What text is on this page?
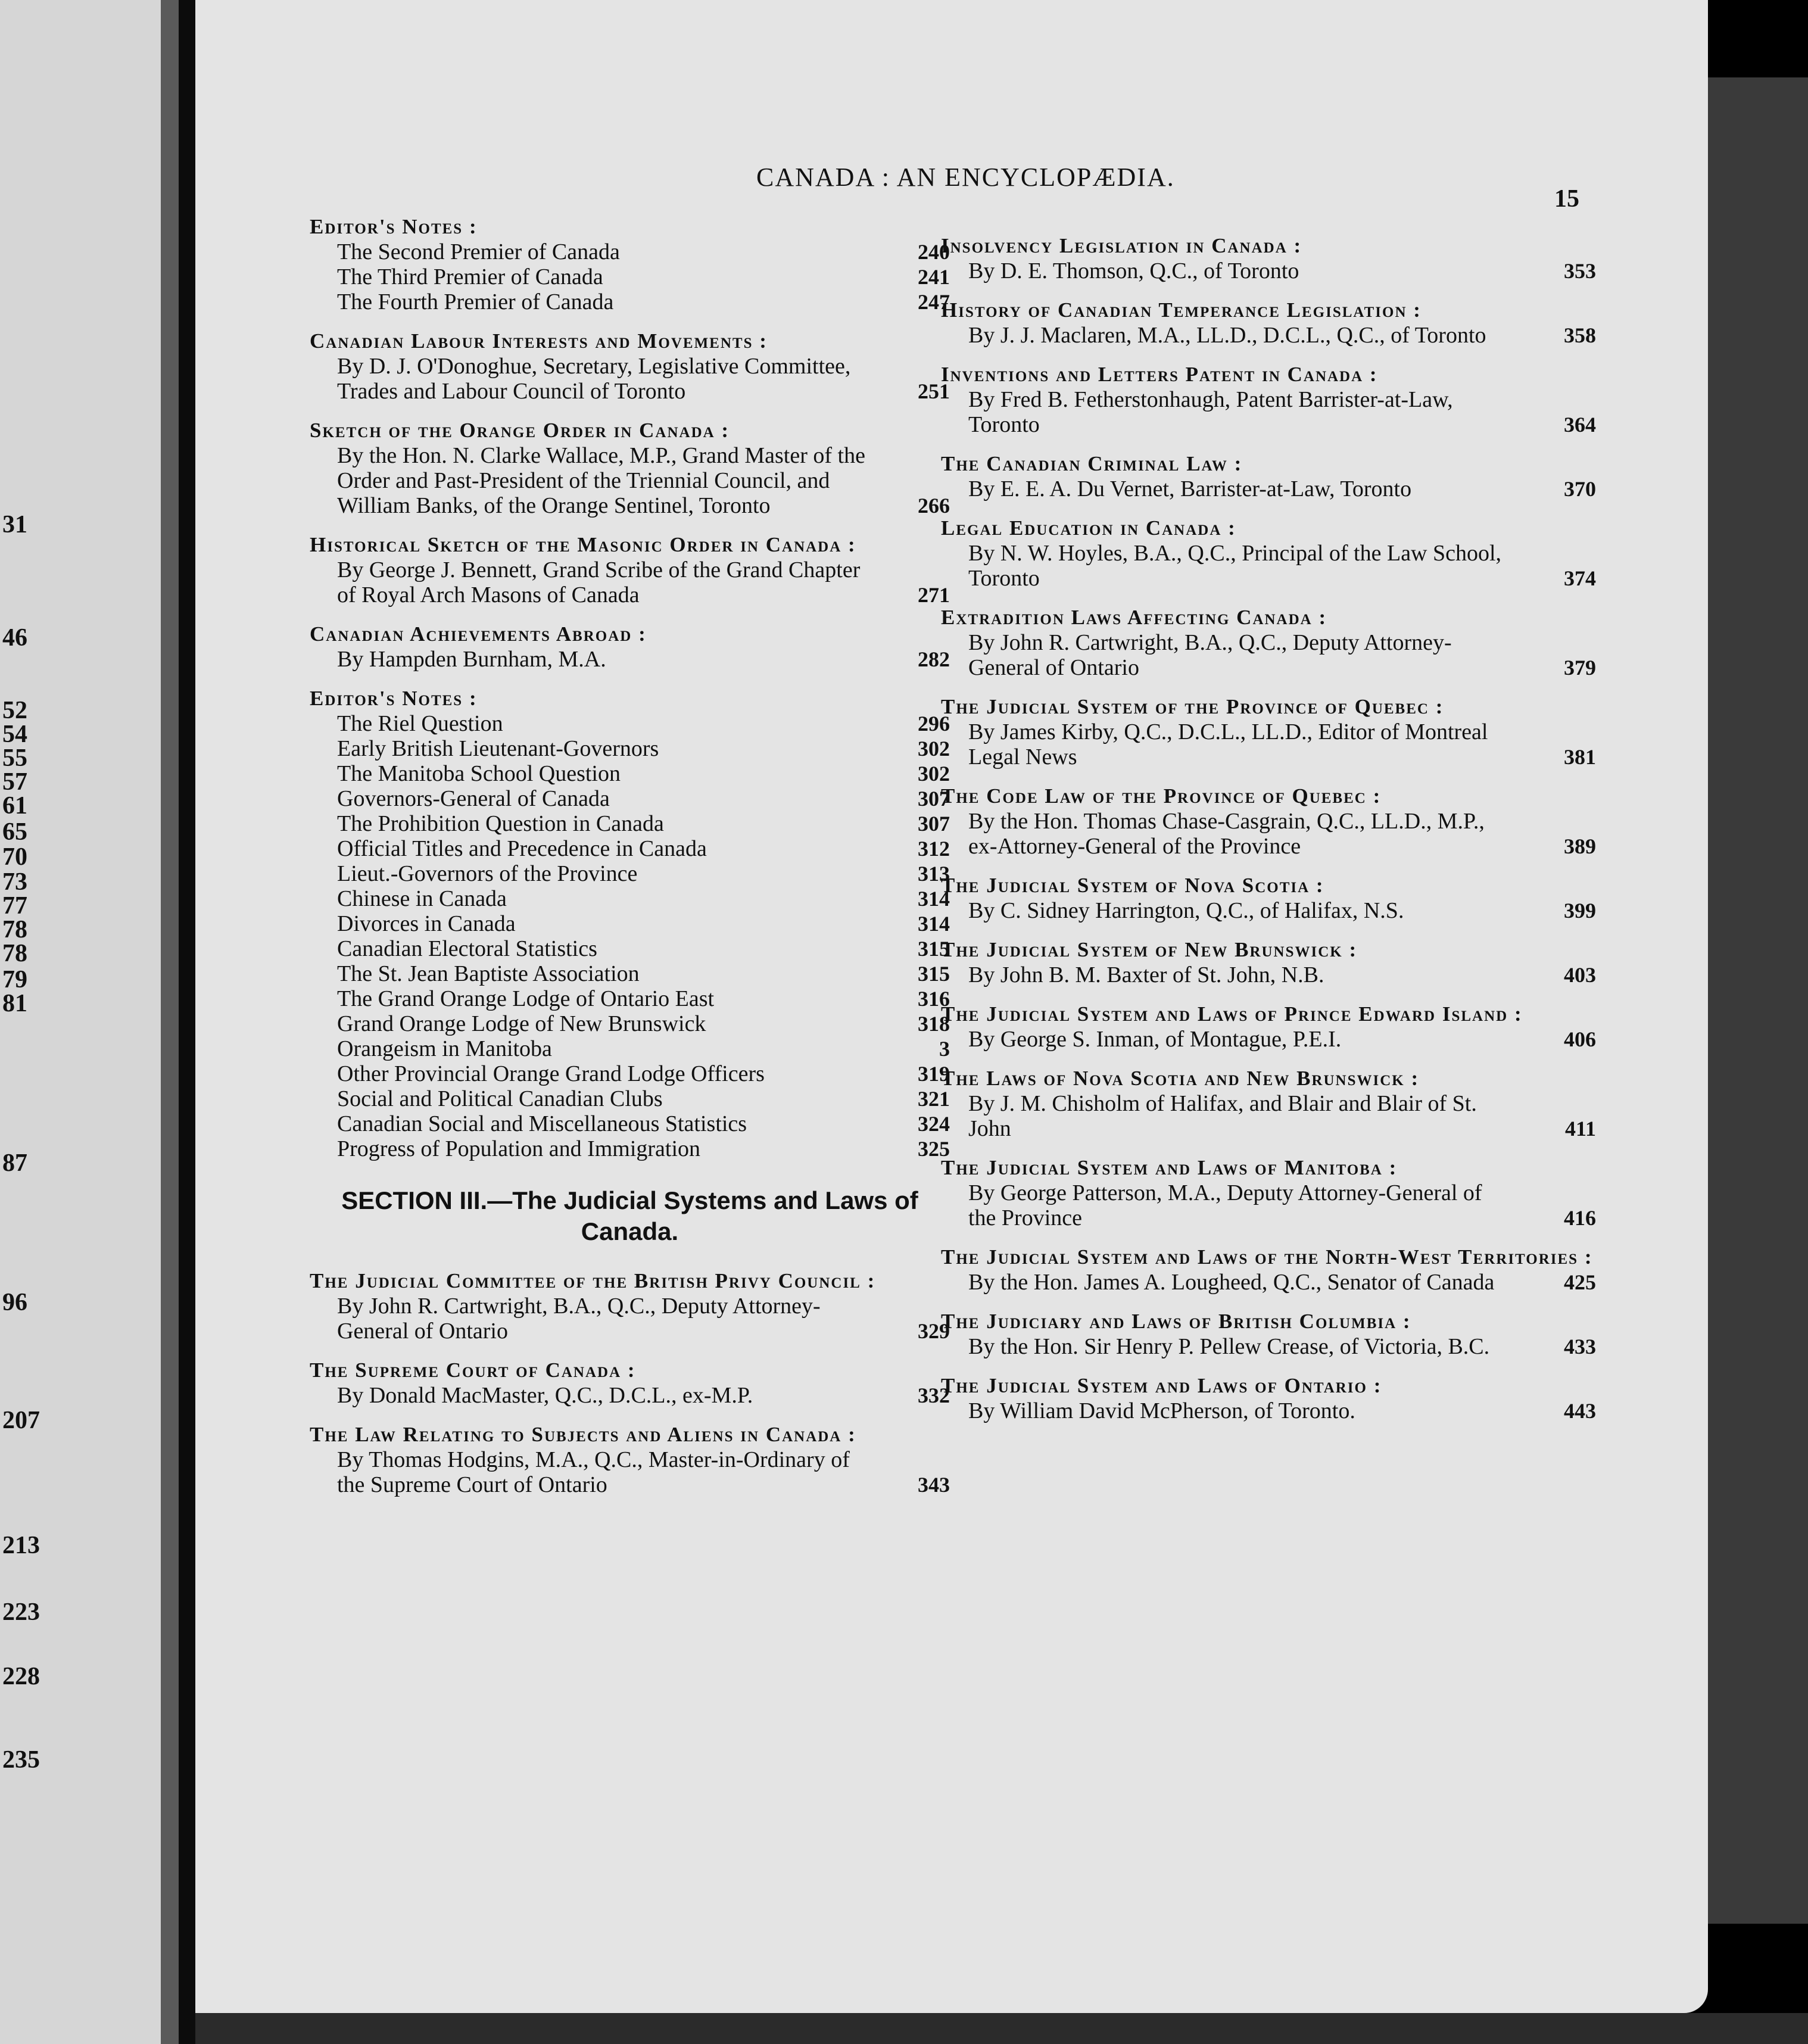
31
46
52
54
55
57
61
65
70
73
77
78
78
79
81
87
96
207
213
223
228
235
CANADA : AN ENCYCLOPÆDIA.
15
Editor's Notes :
The Second Premier of Canada	240
The Third Premier of Canada	241
The Fourth Premier of Canada	247
Canadian Labour Interests and Movements :
By D. J. O'Donoghue, Secretary, Legislative Committee, Trades and Labour Council of Toronto	251
Sketch of the Orange Order in Canada :
By the Hon. N. Clarke Wallace, M.P., Grand Master of the Order and Past-President of the Triennial Council, and William Banks, of the Orange Sentinel, Toronto	266
Historical Sketch of the Masonic Order in Canada :
By George J. Bennett, Grand Scribe of the Grand Chapter of Royal Arch Masons of Canada	271
Canadian Achievements Abroad :
By Hampden Burnham, M.A.	282
Editor's Notes :
The Riel Question	296
Early British Lieutenant-Governors	302
The Manitoba School Question	302
Governors-General of Canada	307
The Prohibition Question in Canada	307
Official Titles and Precedence in Canada	312
Lieut.-Governors of the Province	313
Chinese in Canada	314
Divorces in Canada	314
Canadian Electoral Statistics	315
The St. Jean Baptiste Association	315
The Grand Orange Lodge of Ontario East	316
Grand Orange Lodge of New Brunswick	318
Orangeism in Manitoba	3
Other Provincial Orange Grand Lodge Officers	319
Social and Political Canadian Clubs	321
Canadian Social and Miscellaneous Statistics	324
Progress of Population and Immigration	325
SECTION III.—The Judicial Systems and Laws of Canada.
The Judicial Committee of the British Privy Council :
By John R. Cartwright, B.A., Q.C., Deputy Attorney-General of Ontario	329
The Supreme Court of Canada :
By Donald MacMaster, Q.C., D.C.L., ex-M.P.	332
The Law Relating to Subjects and Aliens in Canada :
By Thomas Hodgins, M.A., Q.C., Master-in-Ordinary of the Supreme Court of Ontario	343
Insolvency Legislation in Canada :
By D. E. Thomson, Q.C., of Toronto	353
History of Canadian Temperance Legislation :
By J. J. Maclaren, M.A., LL.D., D.C.L., Q.C., of Toronto	358
Inventions and Letters Patent in Canada :
By Fred B. Fetherstonhaugh, Patent Barrister-at-Law, Toronto	364
The Canadian Criminal Law :
By E. E. A. Du Vernet, Barrister-at-Law, Toronto	370
Legal Education in Canada :
By N. W. Hoyles, B.A., Q.C., Principal of the Law School, Toronto	374
Extradition Laws Affecting Canada :
By John R. Cartwright, B.A., Q.C., Deputy Attorney-General of Ontario	379
The Judicial System of the Province of Quebec :
By James Kirby, Q.C., D.C.L., LL.D., Editor of Montreal Legal News	381
The Code Law of the Province of Quebec :
By the Hon. Thomas Chase-Casgrain, Q.C., LL.D., M.P., ex-Attorney-General of the Province	389
The Judicial System of Nova Scotia :
By C. Sidney Harrington, Q.C., of Halifax, N.S.	399
The Judicial System of New Brunswick :
By John B. M. Baxter of St. John, N.B.	403
The Judicial System and Laws of Prince Edward Island :
By George S. Inman, of Montague, P.E.I.	406
The Laws of Nova Scotia and New Brunswick :
By J. M. Chisholm of Halifax, and Blair and Blair of St. John	411
The Judicial System and Laws of Manitoba :
By George Patterson, M.A., Deputy Attorney-General of the Province	416
The Judicial System and Laws of the North-West Territories :
By the Hon. James A. Lougheed, Q.C., Senator of Canada	425
The Judiciary and Laws of British Columbia :
By the Hon. Sir Henry P. Pellew Crease, of Victoria, B.C.	433
The Judicial System and Laws of Ontario :
By William David McPherson, of Toronto.	443
